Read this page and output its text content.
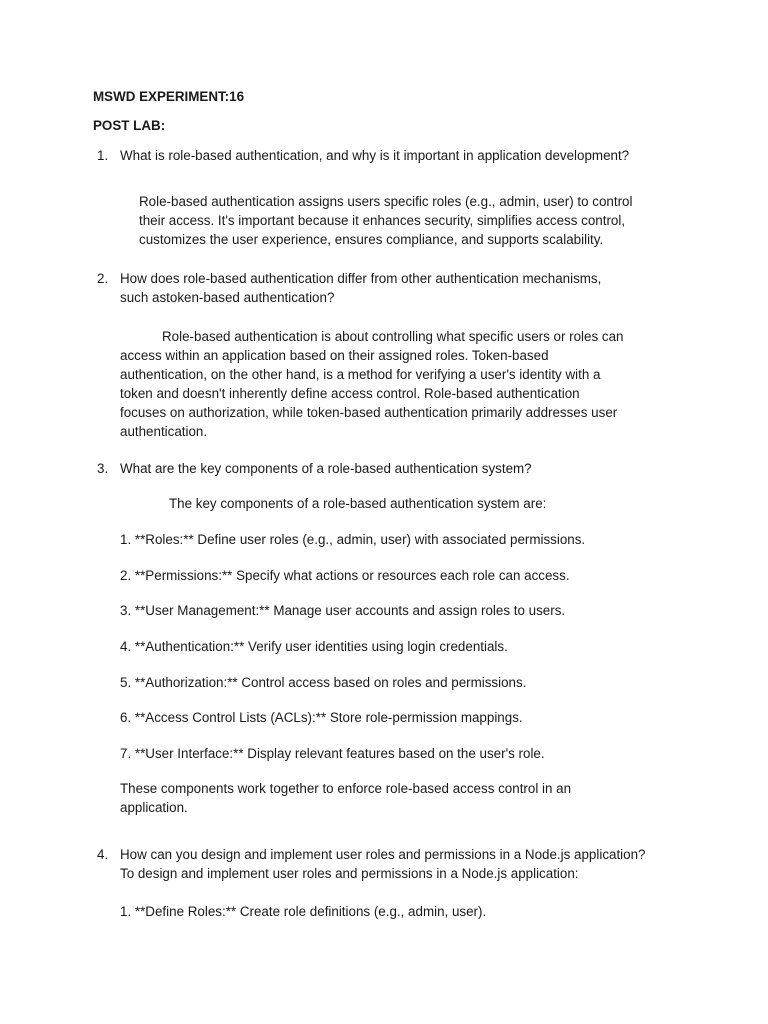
MSWD EXPERIMENT:16

POST LAB:

1. What is role-based authentication, and why is it important in application development?

Role-based authentication assigns users specific roles (e.g., admin, user) to control

their access. It's important because it enhances security, simplifies access control,

customizes the user experience, ensures compliance, and supports scalability.

2. How does role-based authentication differ from other authentication mechanisms,

such astoken-based authentication?

Role-based authentication is about controlling what specific users or roles can

access within an application based on their assigned roles. Token-based

authentication, on the other hand, is a method for verifying a user's identity with a

token and doesn't inherently define access control. Role-based authentication

focuses on authorization, while token-based authentication primarily addresses user

authentication.

3. What are the key components of a role-based authentication system?

The key components of a role-based authentication system are:

1. **Roles:** Define user roles (e.g., admin, user) with associated permissions.

2. **Permissions:** Specify what actions or resources each role can access.

3. **User Management:** Manage user accounts and assign roles to users.

4. **Authentication:** Verify user identities using login credentials.

5. **Authorization:** Control access based on roles and permissions.

6. **Access Control Lists (ACLs):** Store role-permission mappings.

7. **User Interface:** Display relevant features based on the user's role.

These components work together to enforce role-based access control in an

application.

4. How can you design and implement user roles and permissions in a Node.js application?

To design and implement user roles and permissions in a Node.js application:

1. **Define Roles:** Create role definitions (e.g., admin, user).
